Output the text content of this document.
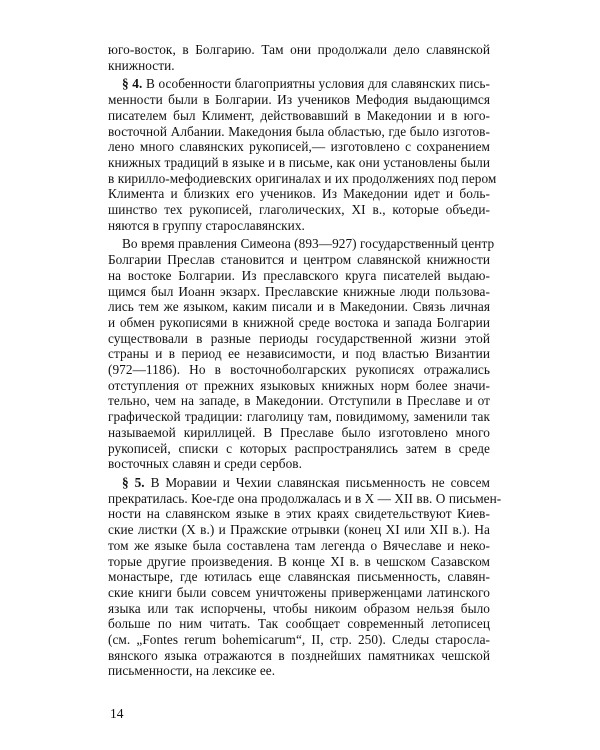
юго-восток, в Болгарию. Там они продолжали дело славянской
книжности.
§ 4. В особенности благоприятны условия для славянских пись-
менности были в Болгарии. Из учеников Мефодия выдающимся
писателем был Климент, действовавший в Македонии и в юго-
восточной Албании. Македония была областью, где было изготов-
лено много славянских рукописей,— изготовлено с сохранением
книжных традиций в языке и в письме, как они установлены были
в кирилло-мефодиевских оригиналах и их продолжениях под пером
Климента и близких его учеников. Из Македонии идет и боль-
шинство тех рукописей, глаголических, XI в., которые объеди-
няются в группу старославянских.
Во время правления Симеона (893—927) государственный центр
Болгарии Преслав становится и центром славянской книжности
на востоке Болгарии. Из преславского круга писателей выдаю-
щимся был Иоанн экзарх. Преславские книжные люди пользова-
лись тем же языком, каким писали и в Македонии. Связь личная
и обмен рукописями в книжной среде востока и запада Болгарии
существовали в разные периоды государственной жизни этой
страны и в период ее независимости, и под властью Византии
(972—1186). Но в восточноболгарских рукописях отражались
отступления от прежних языковых книжных норм более значи-
тельно, чем на западе, в Македонии. Отступили в Преславе и от
графической традиции: глаголицу там, повидимому, заменили так
называемой кириллицей. В Преславе было изготовлено много
рукописей, списки с которых распространялись затем в среде
восточных славян и среди сербов.
§ 5. В Моравии и Чехии славянская письменность не совсем
прекратилась. Кое-где она продолжалась и в X — XII вв. О письмен-
ности на славянском языке в этих краях свидетельствуют Киев-
ские листки (X в.) и Пражские отрывки (конец XI или XII в.). На
том же языке была составлена там легенда о Вячеславе и неко-
торые другие произведения. В конце XI в. в чешском Сазавском
монастыре, где ютилась еще славянская письменность, славян-
ские книги были совсем уничтожены приверженцами латинского
языка или так испорчены, чтобы никоим образом нельзя было
больше по ним читать. Так сообщает современный летописец
(см. „Fontes rerum bohemicarum“, II, стр. 250). Следы старосла-
вянского языка отражаются в позднейших памятниках чешской
письменности, на лексике ее.
14
